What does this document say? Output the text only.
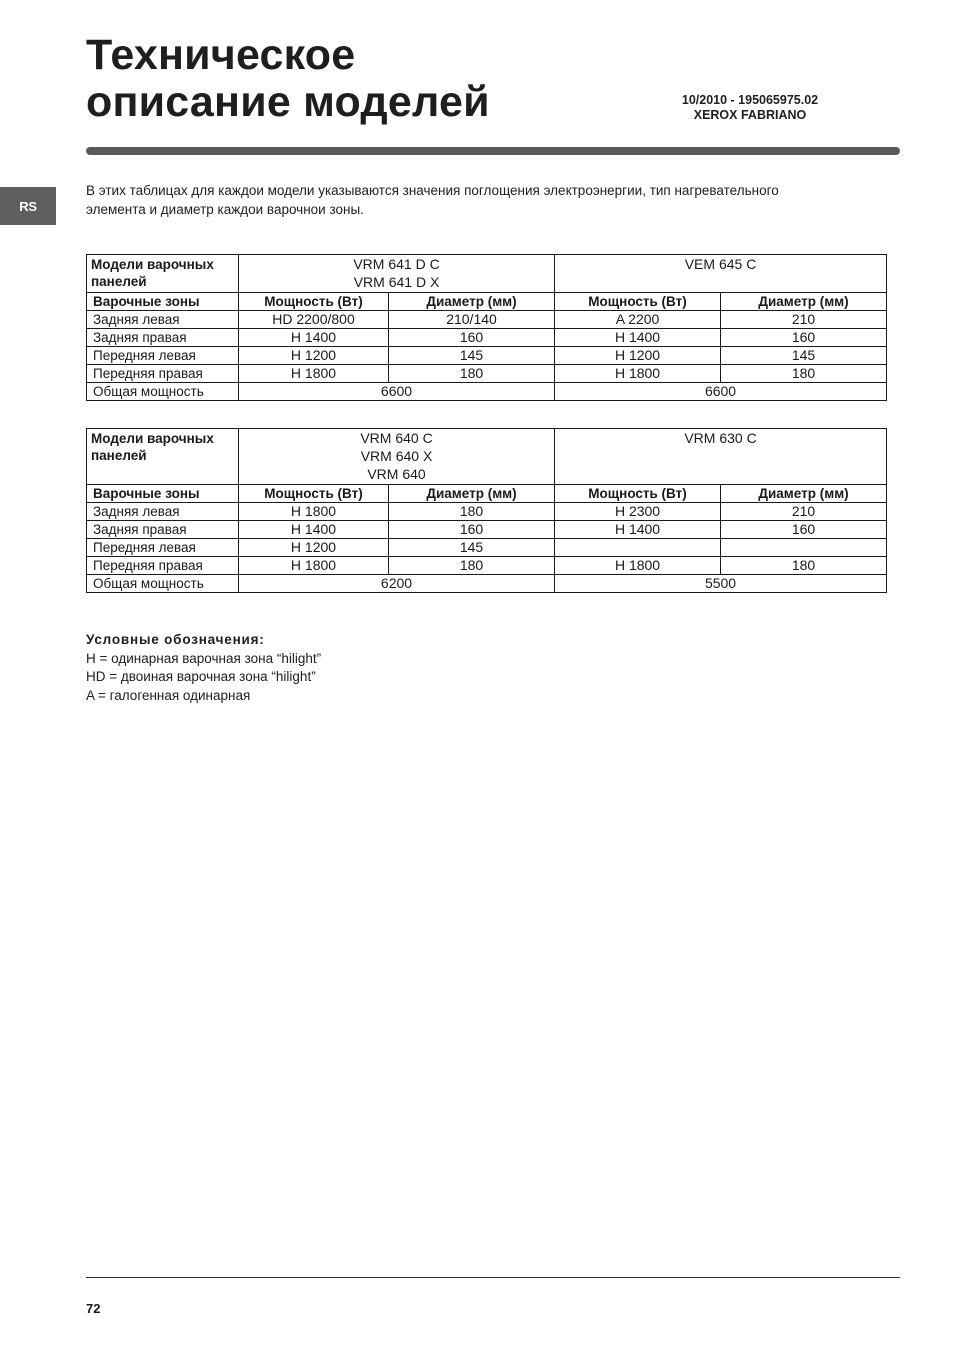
Техническое
описание моделей	10/2010 - 195065975.02
XEROX FABRIANO
RS

В этих таблицах для каждои модели указываются значения поглощения электроэнергии, тип нагревательного элемента и диаметр каждои варочнои зоны.

Модели варочных панелей	VRM 641 D C
VRM 641 D X		VEM 645 C	

Варочные зоны	Мощность (Вт)	Диаметр (мм)	Мощность (Вт)	Диаметр (мм)
Задняя левая	HD 2200/800	210/140	A 2200	210
Задняя правая	H 1400	160	H 1400	160
Передняя левая	H 1200	145	H 1200	145
Передняя правая	H 1800	180	H 1800	180
Общая мощность	6600		6600	
Модели варочных панелей	VRM 640 C
VRM 640 X
VRM 640		VRM 630 C	

Варочные зоны	Мощность (Вт)	Диаметр (мм)	Мощность (Вт)	Диаметр (мм)
Задняя левая	H 1800	180	H 2300	210
Задняя правая	H 1400	160	H 1400	160
Передняя левая	H 1200	145		
Передняя правая	H 1800	180	H 1800	180
Общая мощность	6200		5500	
Условные обозначения:
H = одинарная варочная зона “hilight”
HD = двоиная варочная зона “hilight”
A = галогенная одинарная
72
